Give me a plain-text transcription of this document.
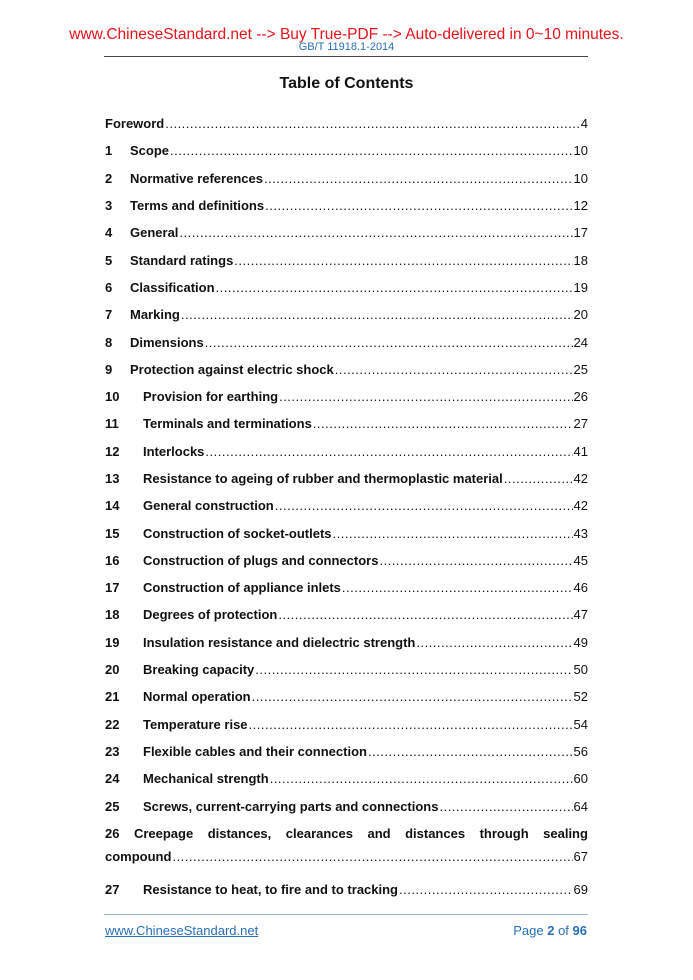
www.ChineseStandard.net --> Buy True-PDF --> Auto-delivered in 0~10 minutes.
GB/T 11918.1-2014
Table of Contents
Foreword .....	4
1	Scope .....	10
2	Normative references .....	10
3	Terms and definitions .....	12
4	General .....	17
5	Standard ratings .....	18
6	Classification .....	19
7	Marking .....	20
8	Dimensions .....	24
9	Protection against electric shock .....	25
10	Provision for earthing .....	26
11	Terminals and terminations .....	27
12	Interlocks .....	41
13	Resistance to ageing of rubber and thermoplastic material .....	42
14	General construction .....	42
15	Construction of socket-outlets .....	43
16	Construction of plugs and connectors .....	45
17	Construction of appliance inlets .....	46
18	Degrees of protection .....	47
19	Insulation resistance and dielectric strength .....	49
20	Breaking capacity .....	50
21	Normal operation .....	52
22	Temperature rise .....	54
23	Flexible cables and their connection .....	56
24	Mechanical strength .....	60
25	Screws, current-carrying parts and connections .....	64
26 Creepage distances, clearances and distances through sealing
compound .....	67
27	Resistance to heat, to fire and to tracking .....	69
www.ChineseStandard.net	Page 2 of 96
